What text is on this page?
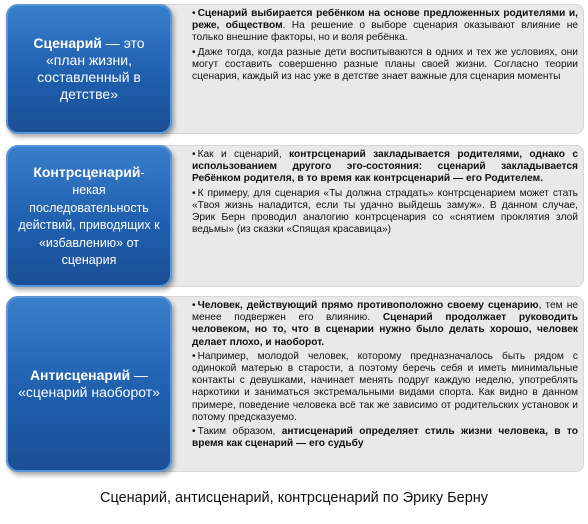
Сценарий — это «план жизни, составленный в детстве»

• Сценарий выбирается ребёнком на основе предложенных родителями и, реже, обществом. На решение о выборе сценария оказывают влияние не только внешние факторы, но и воля ребёнка.

• Даже тогда, когда разные дети воспитываются в одних и тех же условиях, они могут составить совершенно разные планы своей жизни. Согласно теории сценария, каждый из нас уже в детстве знает важные для сценария моменты

Контрсценарий- некая последовательность действий, приводящих к «избавлению» от сценария

• Как и сценарий, контрсценарий закладывается родителями, однако с использованием другого эго-состояния: сценарий закладывается Ребёнком родителя, в то время как контрсценарий — его Родителем.

• К примеру, для сценария «Ты должна страдать» контрсценарием может стать «Твоя жизнь наладится, если ты удачно выйдешь замуж». В данном случае, Эрик Берн проводил аналогию контрсценария со «снятием проклятия злой ведьмы» (из сказки «Спящая красавица»)

Антисценарий — «сценарий наоборот»

• Человек, действующий прямо противоположно своему сценарию, тем не менее подвержен его влиянию. Сценарий продолжает руководить человеком, но то, что в сценарии нужно было делать хорошо, человек делает плохо, и наоборот.

• Например, молодой человек, которому предназначалось быть рядом с одинокой матерью в старости, а поэтому беречь себя и иметь минимальные контакты с девушками, начинает менять подруг каждую неделю, употреблять наркотики и заниматься экстремальными видами спорта. Как видно в данном примере, поведение человека всё так же зависимо от родительских установок и потому предсказуемо.

• Таким образом, антисценарий определяет стиль жизни человека, в то время как сценарий — его судьбу

Сценарий, антисценарий, контрсценарий по Эрику Берну
